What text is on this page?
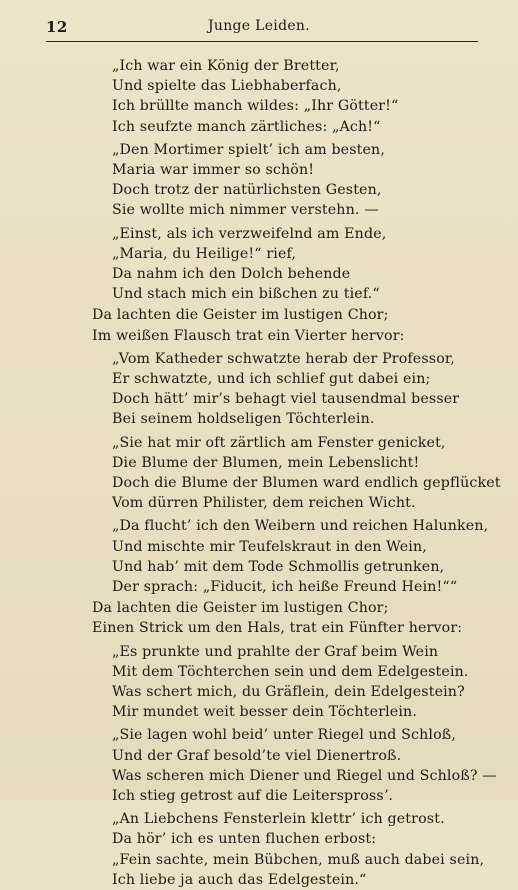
12	Junge Leiden.
„Ich war ein König der Bretter,
Und spielte das Liebhaberfach,
Ich brüllte manch wildes: „Ihr Götter!“
Ich seufzte manch zärtliches: „Ach!“
„Den Mortimer spielt’ ich am besten,
Maria war immer so schön!
Doch trotz der natürlichsten Gesten,
Sie wollte mich nimmer verstehn. —
„Einst, als ich verzweifelnd am Ende,
„Maria, du Heilige!“ rief,
Da nahm ich den Dolch behende
Und stach mich ein bißchen zu tief.“
Da lachten die Geister im lustigen Chor;
Im weißen Flausch trat ein Vierter hervor:
„Vom Katheder schwatzte herab der Professor,
Er schwatzte, und ich schlief gut dabei ein;
Doch hätt’ mir’s behagt viel tausendmal besser
Bei seinem holdseligen Töchterlein.
„Sie hat mir oft zärtlich am Fenster genicket,
Die Blume der Blumen, mein Lebenslicht!
Doch die Blume der Blumen ward endlich gepflücket
Vom dürren Philister, dem reichen Wicht.
„Da flucht’ ich den Weibern und reichen Halunken,
Und mischte mir Teufelskraut in den Wein,
Und hab’ mit dem Tode Schmollis getrunken,
Der sprach: „Fiducit, ich heiße Freund Hein!““
Da lachten die Geister im lustigen Chor;
Einen Strick um den Hals, trat ein Fünfter hervor:
„Es prunkte und prahlte der Graf beim Wein
Mit dem Töchterchen sein und dem Edelgestein.
Was schert mich, du Gräflein, dein Edelgestein?
Mir mundet weit besser dein Töchterlein.
„Sie lagen wohl beid’ unter Riegel und Schloß,
Und der Graf besold’te viel Dienertroß.
Was scheren mich Diener und Riegel und Schloß? —
Ich stieg getrost auf die Leitersprossʼ.
„An Liebchens Fensterlein klettr’ ich getrost.
Da hör’ ich es unten fluchen erbost:
„Fein sachte, mein Bübchen, muß auch dabei sein,
Ich liebe ja auch das Edelgestein.“
